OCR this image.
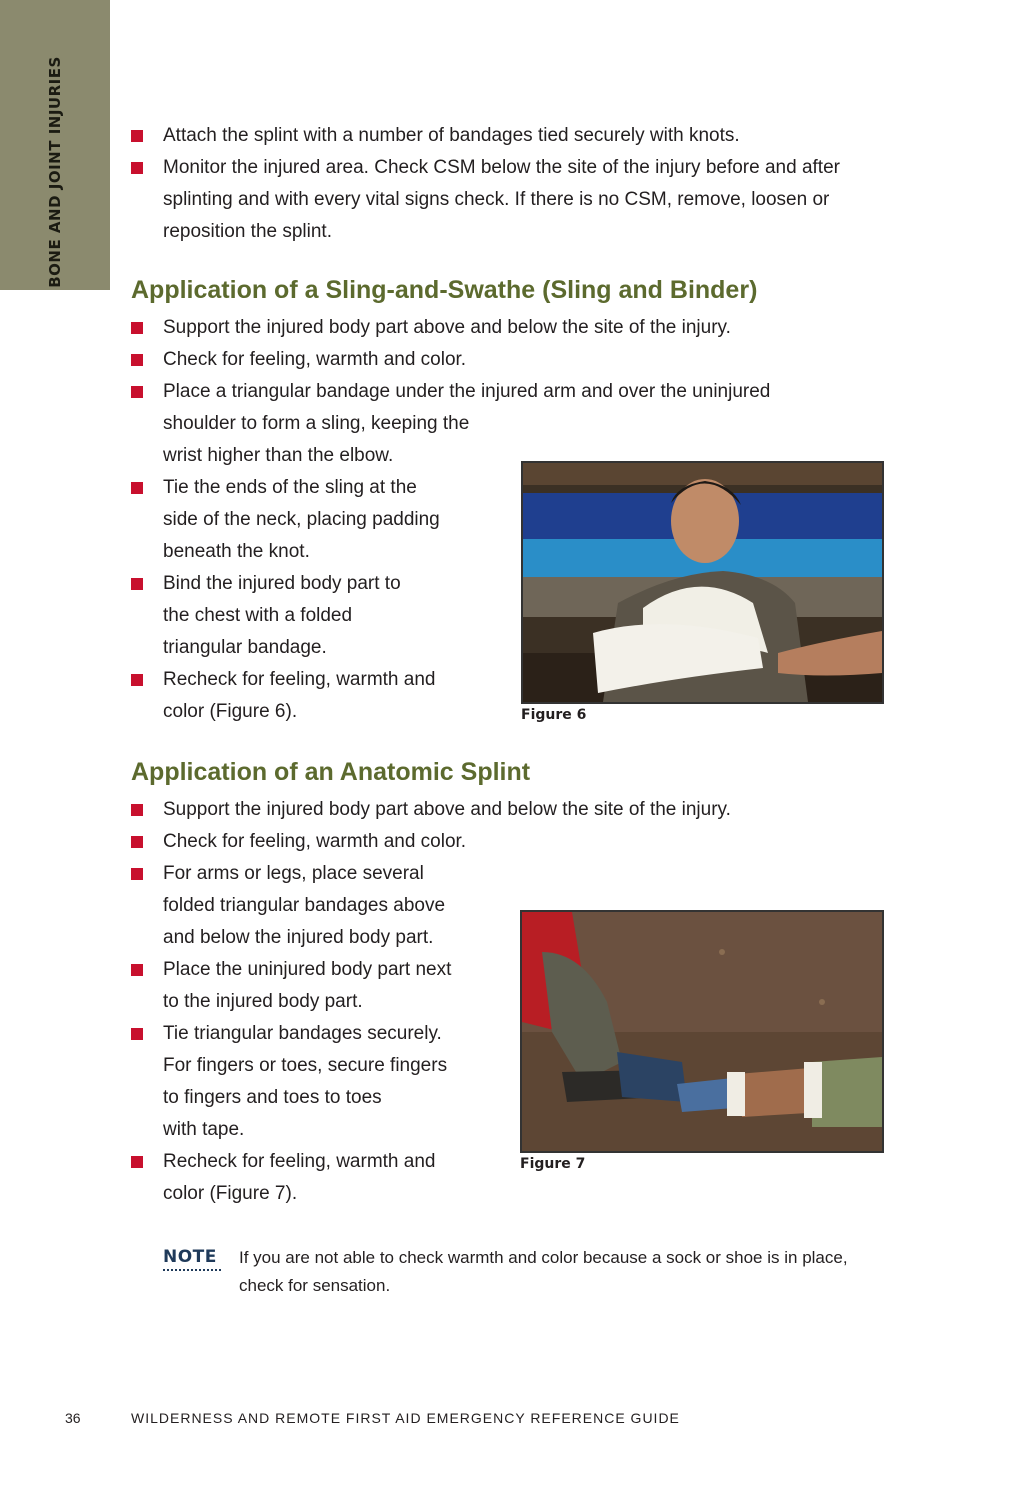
BONE AND JOINT INJURIES	Attach the splint with a number of bandages tied securely with knots.
Monitor the injured area. Check CSM below the site of the injury before and after splinting and with every vital signs check. If there is no CSM, remove, loosen or reposition the splint.
Application of a Sling-and-Swathe (Sling and Binder)
Support the injured body part above and below the site of the injury.
Check for feeling, warmth and color.
Place a triangular bandage under the injured arm and over the uninjured
shoulder to form a sling, keeping the
wrist higher than the elbow.
Tie the ends of the sling at the
side of the neck, placing padding
beneath the knot.
Bind the injured body part to
the chest with a folded
triangular bandage.
Recheck for feeling, warmth and
color (Figure 6).	Figure 6
Application of an Anatomic Splint
Support the injured body part above and below the site of the injury.
Check for feeling, warmth and color.
For arms or legs, place several
folded triangular bandages above
and below the injured body part.
Place the uninjured body part next
to the injured body part.
Tie triangular bandages securely.
For fingers or toes, secure fingers
to fingers and toes to toes
with tape.
Recheck for feeling, warmth and
color (Figure 7).
Figure 7
NOTE If you are not able to check warmth and color because a sock or shoe is in place, check for sensation.
36	WILDERNESS AND REMOTE FIRST AID EMERGENCY REFERENCE GUIDE
